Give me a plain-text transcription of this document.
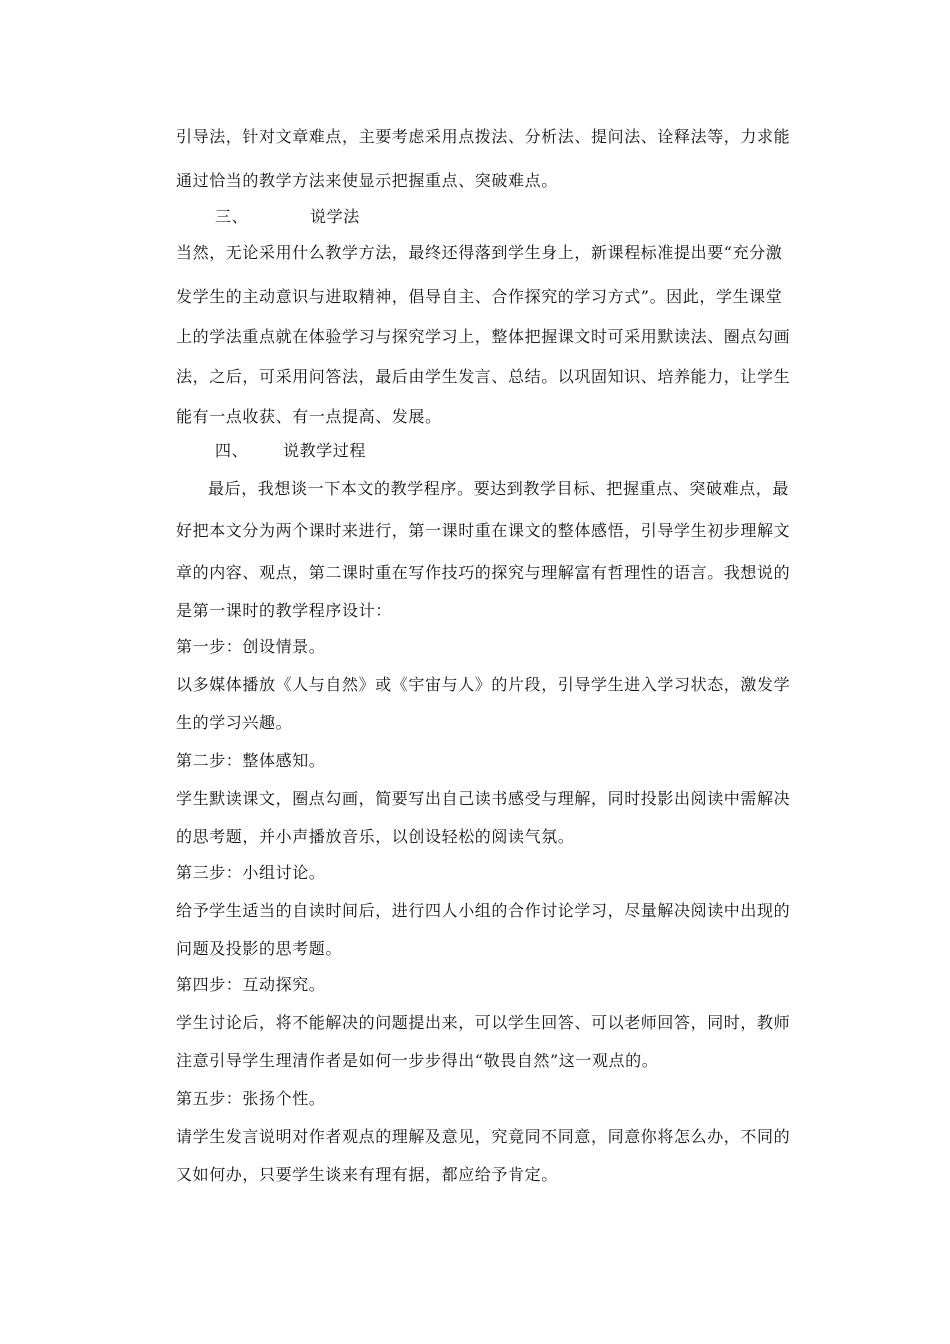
引导法，针对文章难点，主要考虑采用点拨法、分析法、提问法、诠释法等，力求能
通过恰当的教学方法来使显示把握重点、突破难点。
三、	说学法
当然，无论采用什么教学方法，最终还得落到学生身上，新课程标准提出要“充分激
发学生的主动意识与进取精神，倡导自主、合作探究的学习方式”。因此，学生课堂
上的学法重点就在体验学习与探究学习上，整体把握课文时可采用默读法、圈点勾画
法，之后，可采用问答法，最后由学生发言、总结。以巩固知识、培养能力，让学生
能有一点收获、有一点提高、发展。
四、 说教学过程
最后，我想谈一下本文的教学程序。要达到教学目标、把握重点、突破难点，最
好把本文分为两个课时来进行，第一课时重在课文的整体感悟，引导学生初步理解文
章的内容、观点，第二课时重在写作技巧的探究与理解富有哲理性的语言。我想说的
是第一课时的教学程序设计：
第一步：创设情景。
以多媒体播放《人与自然》或《宇宙与人》的片段，引导学生进入学习状态，激发学
生的学习兴趣。
第二步：整体感知。
学生默读课文，圈点勾画，简要写出自己读书感受与理解，同时投影出阅读中需解决
的思考题，并小声播放音乐，以创设轻松的阅读气氛。
第三步：小组讨论。
给予学生适当的自读时间后，进行四人小组的合作讨论学习，尽量解决阅读中出现的
问题及投影的思考题。
第四步：互动探究。
学生讨论后，将不能解决的问题提出来，可以学生回答、可以老师回答，同时，教师
注意引导学生理清作者是如何一步步得出“敬畏自然”这一观点的。
第五步：张扬个性。
请学生发言说明对作者观点的理解及意见，究竟同不同意，同意你将怎么办，不同的
又如何办，只要学生谈来有理有据，都应给予肯定。
